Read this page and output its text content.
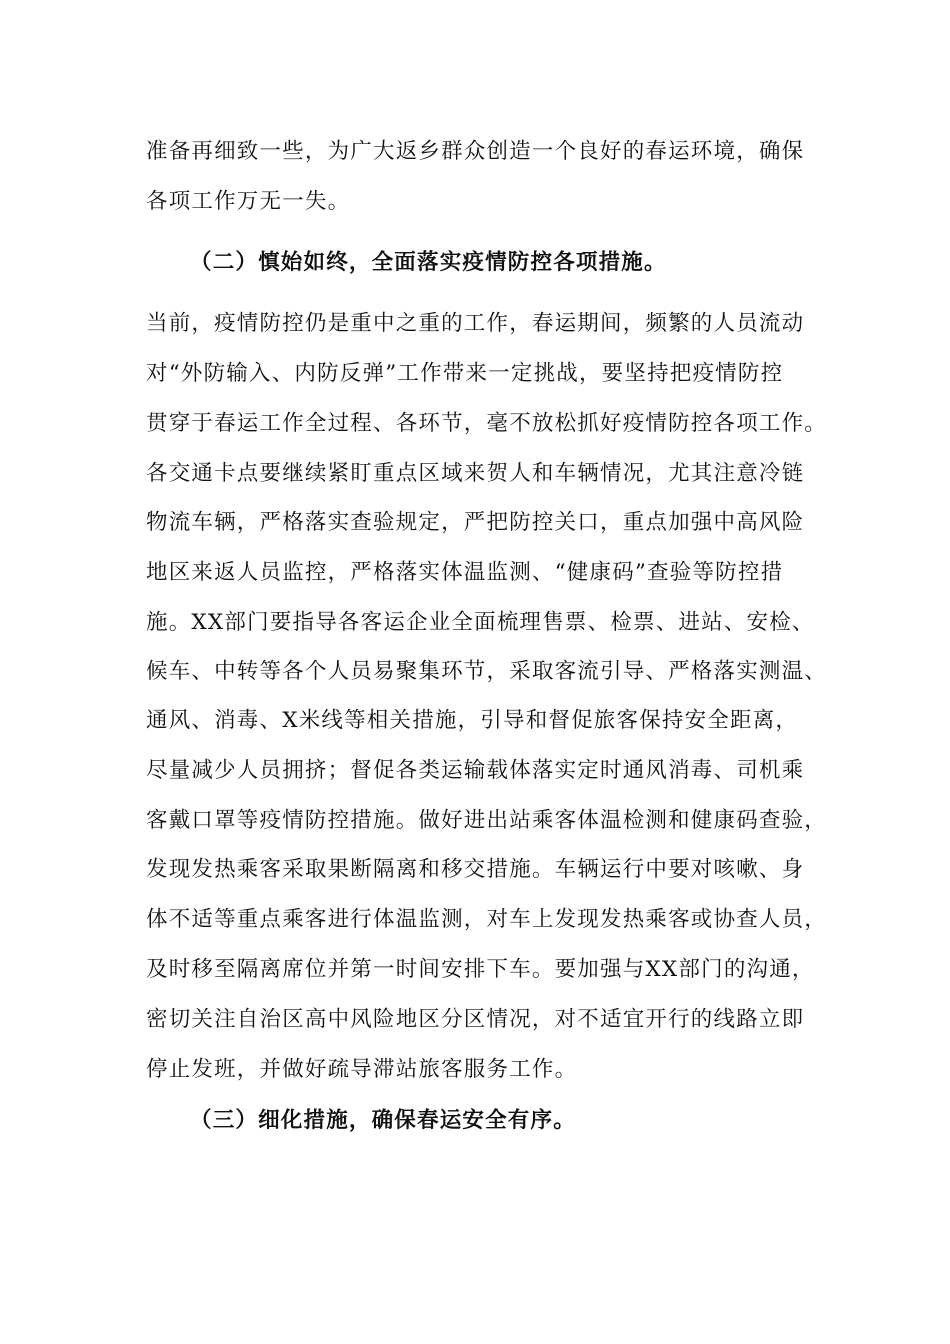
准备再细致一些，为广大返乡群众创造一个良好的春运环境，确保
各项工作万无一失。
（二）慎始如终，全面落实疫情防控各项措施。
当前，疫情防控仍是重中之重的工作，春运期间，频繁的人员流动
对“外防输入、内防反弹”工作带来一定挑战，要坚持把疫情防控
贯穿于春运工作全过程、各环节，毫不放松抓好疫情防控各项工作。
各交通卡点要继续紧盯重点区域来贺人和车辆情况，尤其注意冷链
物流车辆，严格落实查验规定，严把防控关口，重点加强中高风险
地区来返人员监控，严格落实体温监测、“健康码”查验等防控措
施。XX部门要指导各客运企业全面梳理售票、检票、进站、安检、
候车、中转等各个人员易聚集环节，采取客流引导、严格落实测温、
通风、消毒、X米线等相关措施，引导和督促旅客保持安全距离，
尽量减少人员拥挤；督促各类运输载体落实定时通风消毒、司机乘
客戴口罩等疫情防控措施。做好进出站乘客体温检测和健康码查验，
发现发热乘客采取果断隔离和移交措施。车辆运行中要对咳嗽、身
体不适等重点乘客进行体温监测，对车上发现发热乘客或协查人员，
及时移至隔离席位并第一时间安排下车。要加强与XX部门的沟通，
密切关注自治区高中风险地区分区情况，对不适宜开行的线路立即
停止发班，并做好疏导滞站旅客服务工作。
（三）细化措施，确保春运安全有序。
